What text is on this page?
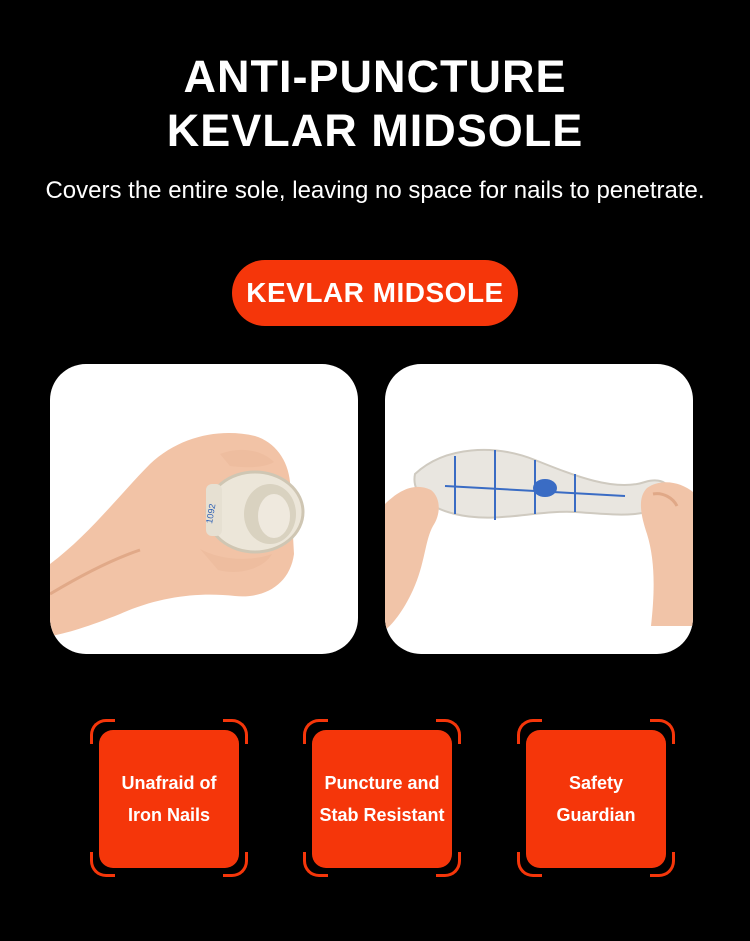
ANTI-PUNCTURE
KEVLAR MIDSOLE
Covers the entire sole, leaving no space for nails to penetrate.
KEVLAR MIDSOLE
1092
Unafraid of
Iron Nails
Puncture and
Stab Resistant
Safety
Guardian
